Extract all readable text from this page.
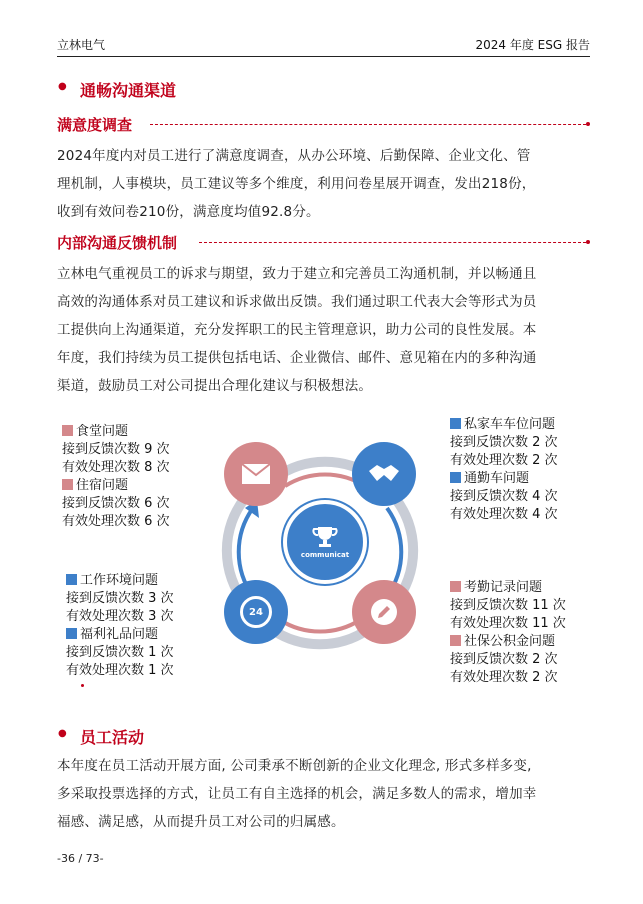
立林电气	2024 年度 ESG 报告
● 通畅沟通渠道
满意度调查
2024年度内对员工进行了满意度调查，从办公环境、后勤保障、企业文化、管
理机制，人事模块，员工建议等多个维度，利用问卷星展开调查，发出218份，
收到有效问卷210份，满意度均值92.8分。
内部沟通反馈机制
立林电气重视员工的诉求与期望，致力于建立和完善员工沟通机制，并以畅通且
高效的沟通体系对员工建议和诉求做出反馈。我们通过职工代表大会等形式为员
工提供向上沟通渠道，充分发挥职工的民主管理意识，助力公司的良性发展。本
年度，我们持续为员工提供包括电话、企业微信、邮件、意见箱在内的多种沟通
渠道，鼓励员工对公司提出合理化建议与积极想法。
24
communicat
食堂问题
接到反馈次数 9 次
有效处理次数 8 次
住宿问题
接到反馈次数 6 次
有效处理次数 6 次
私家车车位问题
接到反馈次数 2 次
有效处理次数 2 次
通勤车问题
接到反馈次数 4 次
有效处理次数 4 次
工作环境问题
接到反馈次数 3 次
有效处理次数 3 次
福利礼品问题
接到反馈次数 1 次
有效处理次数 1 次
考勤记录问题
接到反馈次数 11 次
有效处理次数 11 次
社保公积金问题
接到反馈次数 2 次
有效处理次数 2 次
● 员工活动
本年度在员工活动开展方面, 公司秉承不断创新的企业文化理念, 形式多样多变,
多采取投票选择的方式，让员工有自主选择的机会，满足多数人的需求，增加幸
福感、满足感，从而提升员工对公司的归属感。
-36 / 73-
